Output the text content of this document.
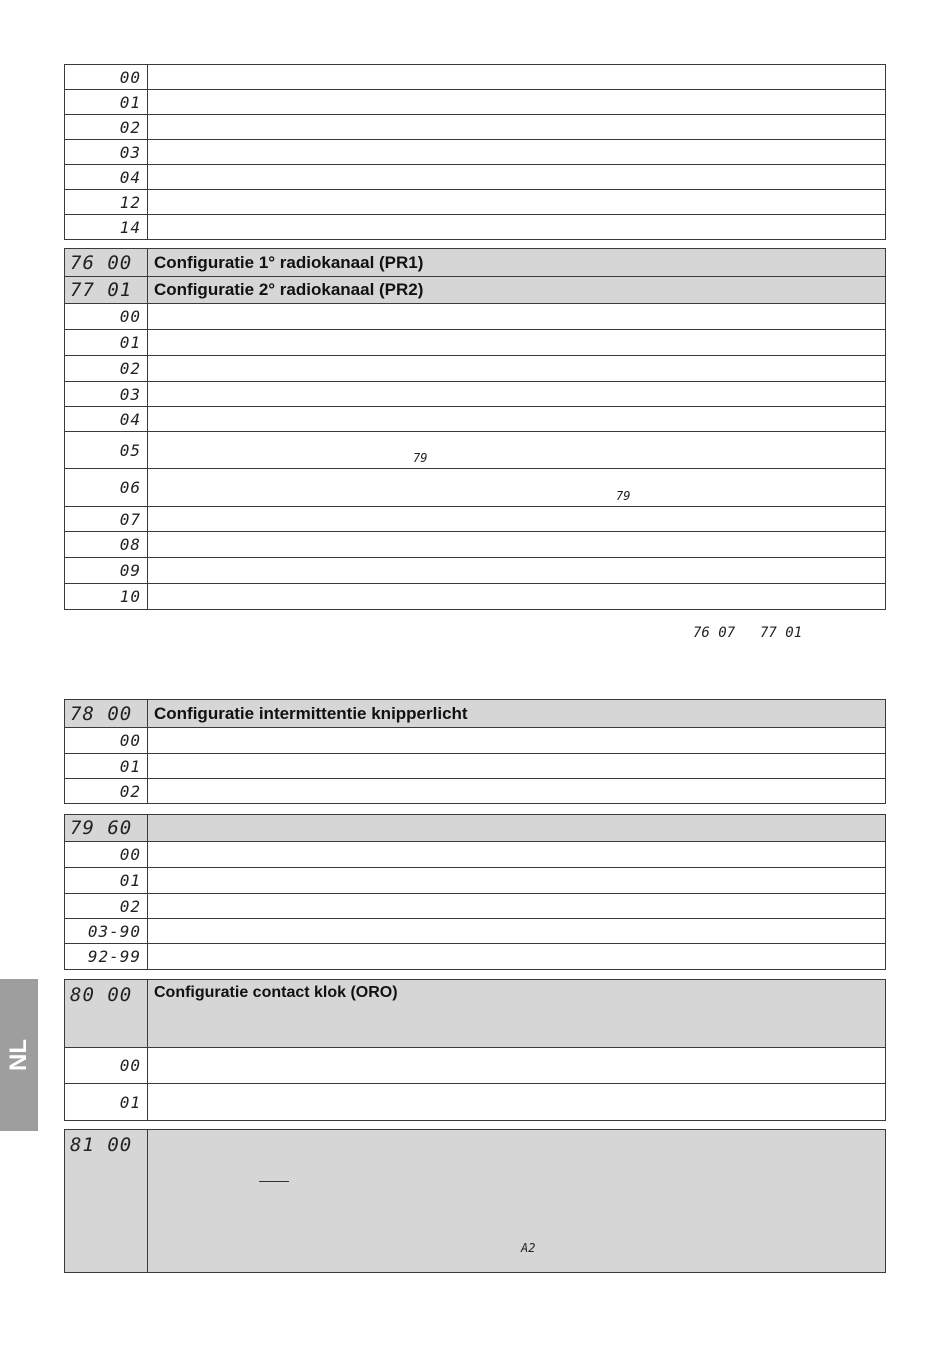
00	
01	
02	
03	
04	
12	
14	
76 00	Configuratie 1° radiokanaal (PR1)
77 01	Configuratie 2° radiokanaal (PR2)
00	
01	
02	
03	
04	
05	
06	
07	
08	
09	
10	
79
79
76 07 77 01
78 00	Configuratie intermittentie knipperlicht
00	
01	
02	
79 60	
00	
01	
02	
03-90	
92-99	
80 00	Configuratie contact klok (ORO)
00	
01	
81 00	
A2
NL
